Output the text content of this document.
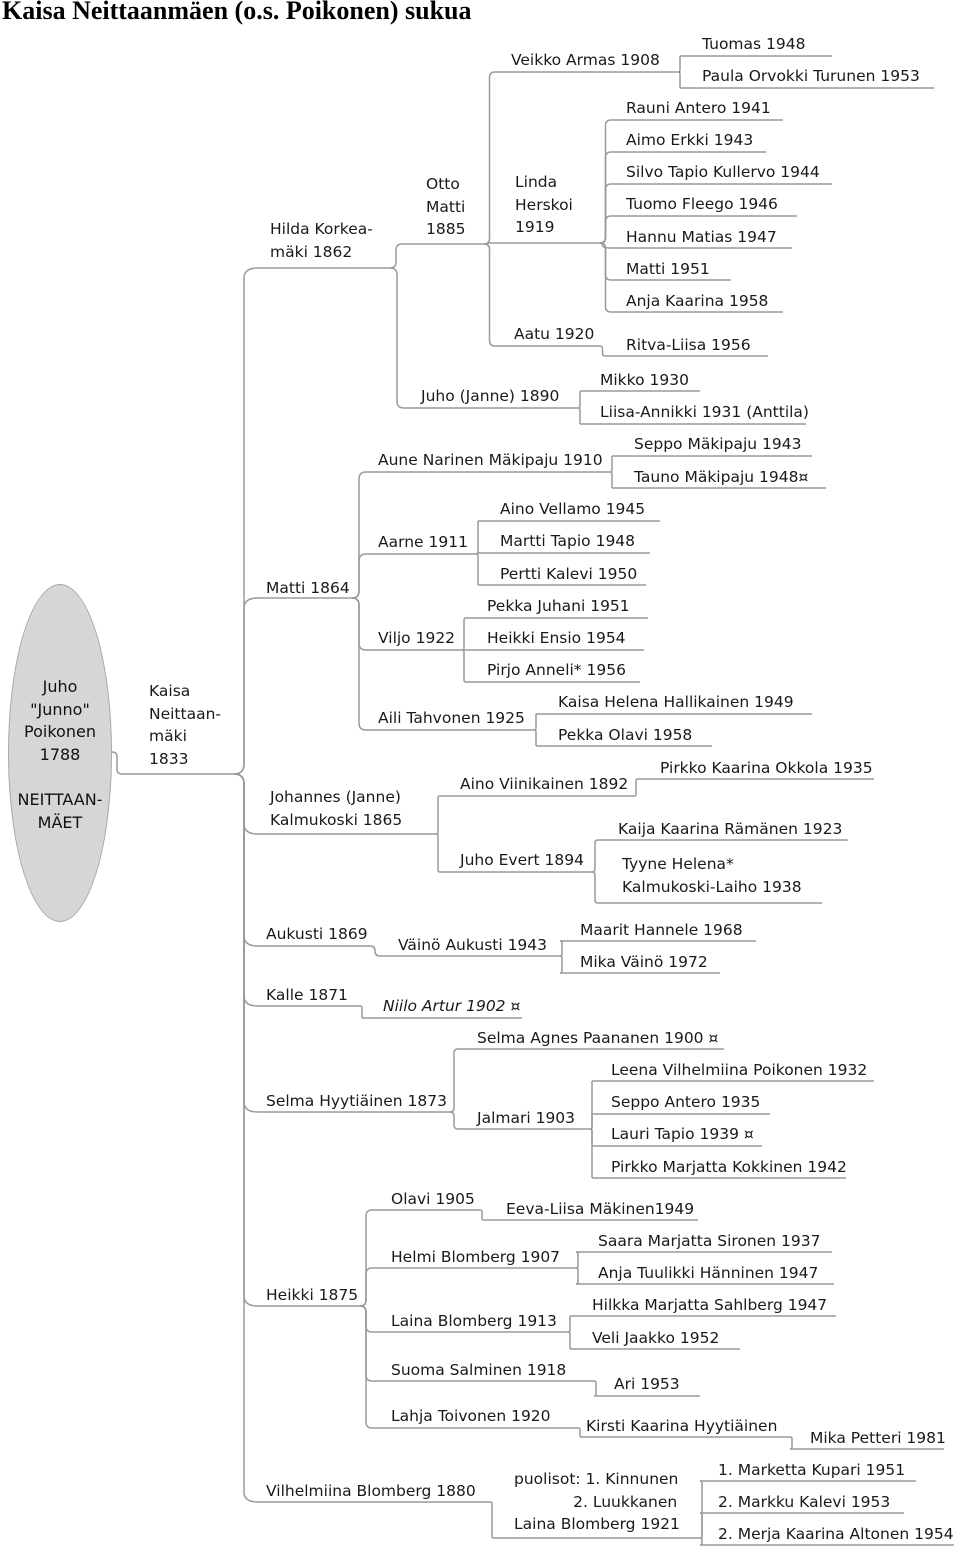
Kaisa Neittaanmäen (o.s. Poikonen) sukua
Juho
"Junno"
Poikonen
1788
NEITTAAN-
MÄET
Kaisa
Neittaan-
mäki
1833
Hilda Korkea-
mäki 1862
Otto
Matti
1885
Veikko Armas 1908
Tuomas 1948
Paula Orvokki Turunen 1953
Linda
Herskoi
1919
Rauni Antero 1941
Aimo Erkki 1943
Silvo Tapio Kullervo 1944
Tuomo Fleego 1946
Hannu Matias 1947
Matti 1951
Anja Kaarina 1958
Aatu 1920
Ritva-Liisa 1956
Juho (Janne) 1890
Mikko 1930
Liisa-Annikki 1931 (Anttila)
Matti 1864
Aune Narinen Mäkipaju 1910
Seppo Mäkipaju 1943
Tauno Mäkipaju 1948¤
Aarne 1911
Aino Vellamo 1945
Martti Tapio 1948
Pertti Kalevi 1950
Viljo 1922
Pekka Juhani 1951
Heikki Ensio 1954
Pirjo Anneli* 1956
Aili Tahvonen 1925
Kaisa Helena Hallikainen 1949
Pekka Olavi 1958
Johannes (Janne)
Kalmukoski 1865
Aino Viinikainen 1892
Pirkko Kaarina Okkola 1935
Juho Evert 1894
Kaija Kaarina Rämänen 1923
Tyyne Helena*
Kalmukoski-Laiho 1938
Aukusti 1869
Väinö Aukusti 1943
Maarit Hannele 1968
Mika Väinö 1972
Kalle 1871
Niilo Artur 1902 ¤
Selma Hyytiäinen 1873
Selma Agnes Paananen 1900 ¤
Jalmari 1903
Leena Vilhelmiina Poikonen 1932
Seppo Antero 1935
Lauri Tapio 1939 ¤
Pirkko Marjatta Kokkinen 1942
Heikki 1875
Olavi 1905
Eeva-Liisa Mäkinen1949
Helmi Blomberg 1907
Saara Marjatta Sironen 1937
Anja Tuulikki Hänninen 1947
Laina Blomberg 1913
Hilkka Marjatta Sahlberg 1947
Veli Jaakko 1952
Suoma Salminen 1918
Ari 1953
Lahja Toivonen 1920
Kirsti Kaarina Hyytiäinen
Mika Petteri 1981
Vilhelmiina Blomberg 1880
puolisot: 1. Kinnunen
2. Luukkanen
Laina Blomberg 1921
1. Marketta Kupari 1951
2. Markku Kalevi 1953
2. Merja Kaarina Altonen 1954
